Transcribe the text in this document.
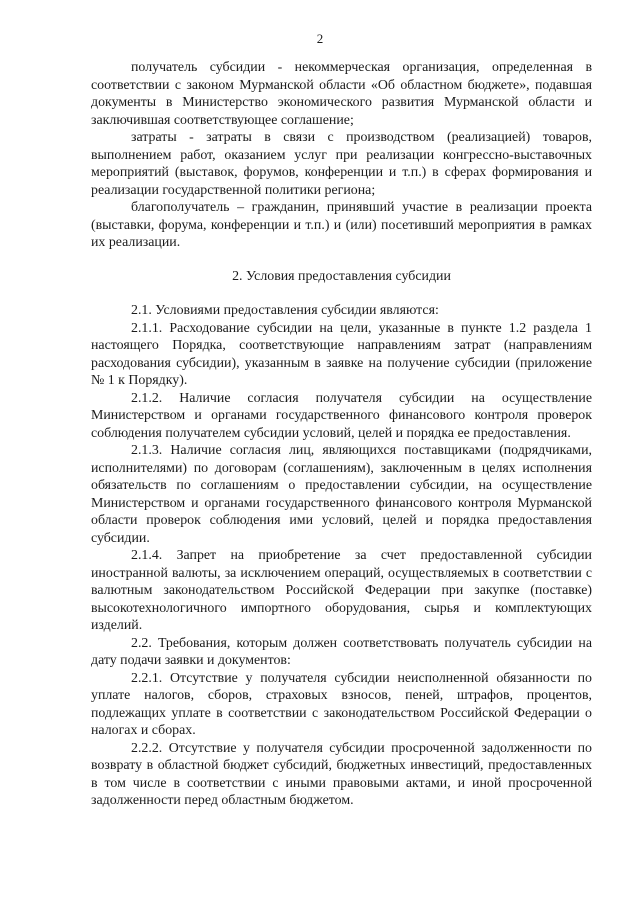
2

получатель субсидии - некоммерческая организация, определенная в соответствии с законом Мурманской области «Об областном бюджете», подавшая документы в Министерство экономического развития Мурманской области и заключившая соответствующее соглашение;

затраты - затраты в связи с производством (реализацией) товаров, выполнением работ, оказанием услуг при реализации конгрессно-выставочных мероприятий (выставок, форумов, конференции и т.п.) в сферах формирования и реализации государственной политики региона;

благополучатель – гражданин, принявший участие в реализации проекта (выставки, форума, конференции и т.п.) и (или) посетивший мероприятия в рамках их реализации.

2. Условия предоставления субсидии

2.1. Условиями предоставления субсидии являются:

2.1.1. Расходование субсидии на цели, указанные в пункте 1.2 раздела 1 настоящего Порядка, соответствующие направлениям затрат (направлениям расходования субсидии), указанным в заявке на получение субсидии (приложение № 1 к Порядку).

2.1.2. Наличие согласия получателя субсидии на осуществление Министерством и органами государственного финансового контроля проверок соблюдения получателем субсидии условий, целей и порядка ее предоставления.

2.1.3. Наличие согласия лиц, являющихся поставщиками (подрядчиками, исполнителями) по договорам (соглашениям), заключенным в целях исполнения обязательств по соглашениям о предоставлении субсидии, на осуществление Министерством и органами государственного финансового контроля Мурманской области проверок соблюдения ими условий, целей и порядка предоставления субсидии.

2.1.4. Запрет на приобретение за счет предоставленной субсидии иностранной валюты, за исключением операций, осуществляемых в соответствии с валютным законодательством Российской Федерации при закупке (поставке) высокотехнологичного импортного оборудования, сырья и комплектующих изделий.

2.2. Требования, которым должен соответствовать получатель субсидии на дату подачи заявки и документов:

2.2.1. Отсутствие у получателя субсидии неисполненной обязанности по уплате налогов, сборов, страховых взносов, пеней, штрафов, процентов, подлежащих уплате в соответствии с законодательством Российской Федерации о налогах и сборах.

2.2.2. Отсутствие у получателя субсидии просроченной задолженности по возврату в областной бюджет субсидий, бюджетных инвестиций, предоставленных в том числе в соответствии с иными правовыми актами, и иной просроченной задолженности перед областным бюджетом.
